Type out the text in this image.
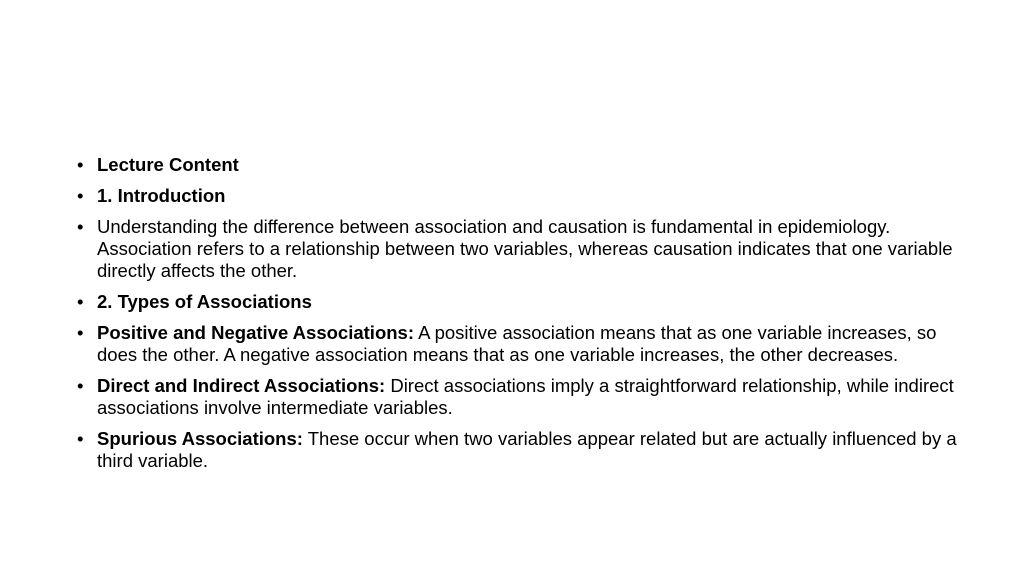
• Lecture Content
• 1. Introduction
• Understanding the difference between association and causation is fundamental in epidemiology. Association refers to a relationship between two variables, whereas causation indicates that one variable directly affects the other.
• 2. Types of Associations
• Positive and Negative Associations: A positive association means that as one variable increases, so does the other. A negative association means that as one variable increases, the other decreases.
• Direct and Indirect Associations: Direct associations imply a straightforward relationship, while indirect associations involve intermediate variables.
• Spurious Associations: These occur when two variables appear related but are actually influenced by a third variable.
